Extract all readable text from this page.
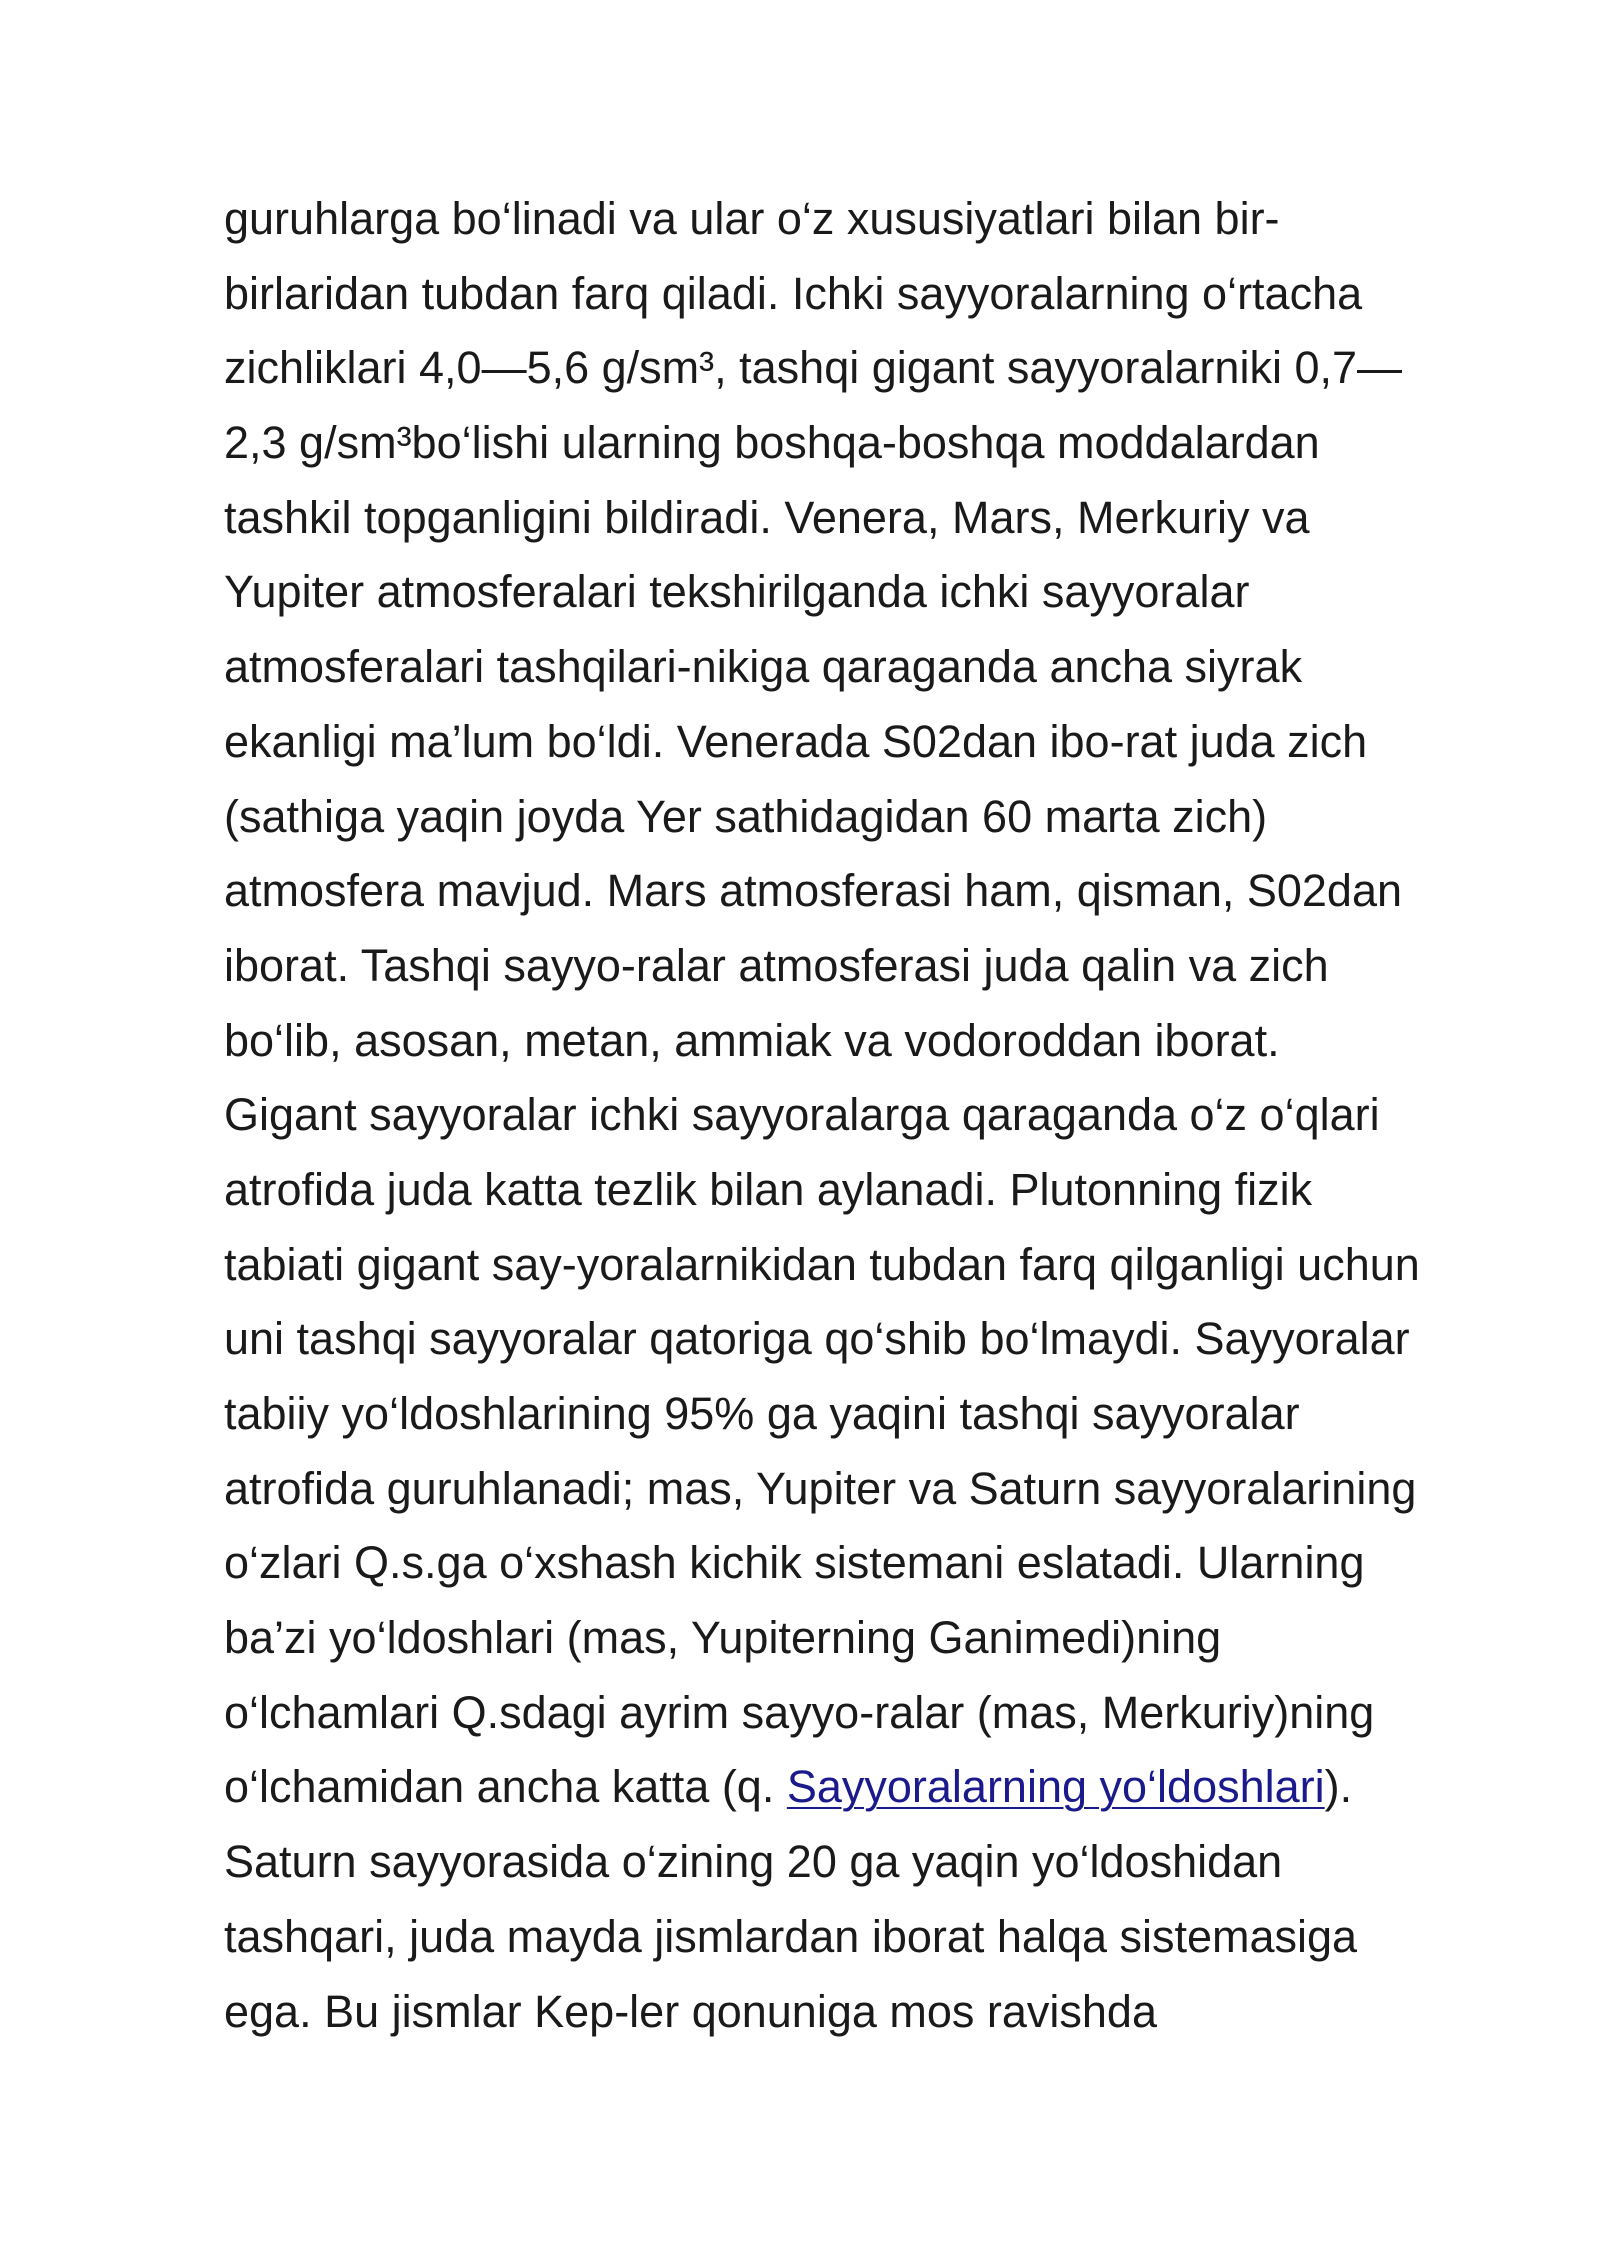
guruhlarga bo‘linadi va ular o‘z xususiyatlari bilan bir-
birlaridan tubdan farq qiladi. Ichki sayyoralarning o‘rtacha
zichliklari 4,0—5,6 g/sm³, tashqi gigant sayyoralarniki 0,7—
2,3 g/sm³bo‘lishi ularning boshqa-boshqa moddalardan
tashkil topganligini bildiradi. Venera, Mars, Merkuriy va
Yupiter atmosferalari tekshirilganda ichki sayyoralar
atmosferalari tashqilari-nikiga qaraganda ancha siyrak
ekanligi ma’lum bo‘ldi. Venerada S02dan ibo-rat juda zich
(sathiga yaqin joyda Yer sathidagidan 60 marta zich)
atmosfera mavjud. Mars atmosferasi ham, qisman, S02dan
iborat. Tashqi sayyo-ralar atmosferasi juda qalin va zich
bo‘lib, asosan, metan, ammiak va vodoroddan iborat.
Gigant sayyoralar ichki sayyoralarga qaraganda o‘z o‘qlari
atrofida juda katta tezlik bilan aylanadi. Plutonning fizik
tabiati gigant say-yoralarnikidan tubdan farq qilganligi uchun
uni tashqi sayyoralar qatoriga qo‘shib bo‘lmaydi. Sayyoralar
tabiiy yo‘ldoshlarining 95% ga yaqini tashqi sayyoralar
atrofida guruhlanadi; mas, Yupiter va Saturn sayyoralarining
o‘zlari Q.s.ga o‘xshash kichik sistemani eslatadi. Ularning
ba’zi yo‘ldoshlari (mas, Yupiterning Ganimedi)ning
o‘lchamlari Q.sdagi ayrim sayyo-ralar (mas, Merkuriy)ning
o‘lchamidan ancha katta (q. Sayyoralarning yo‘ldoshlari).
Saturn sayyorasida o‘zining 20 ga yaqin yo‘ldoshidan
tashqari, juda mayda jismlardan iborat halqa sistemasiga
ega. Bu jismlar Kep-ler qonuniga mos ravishda
